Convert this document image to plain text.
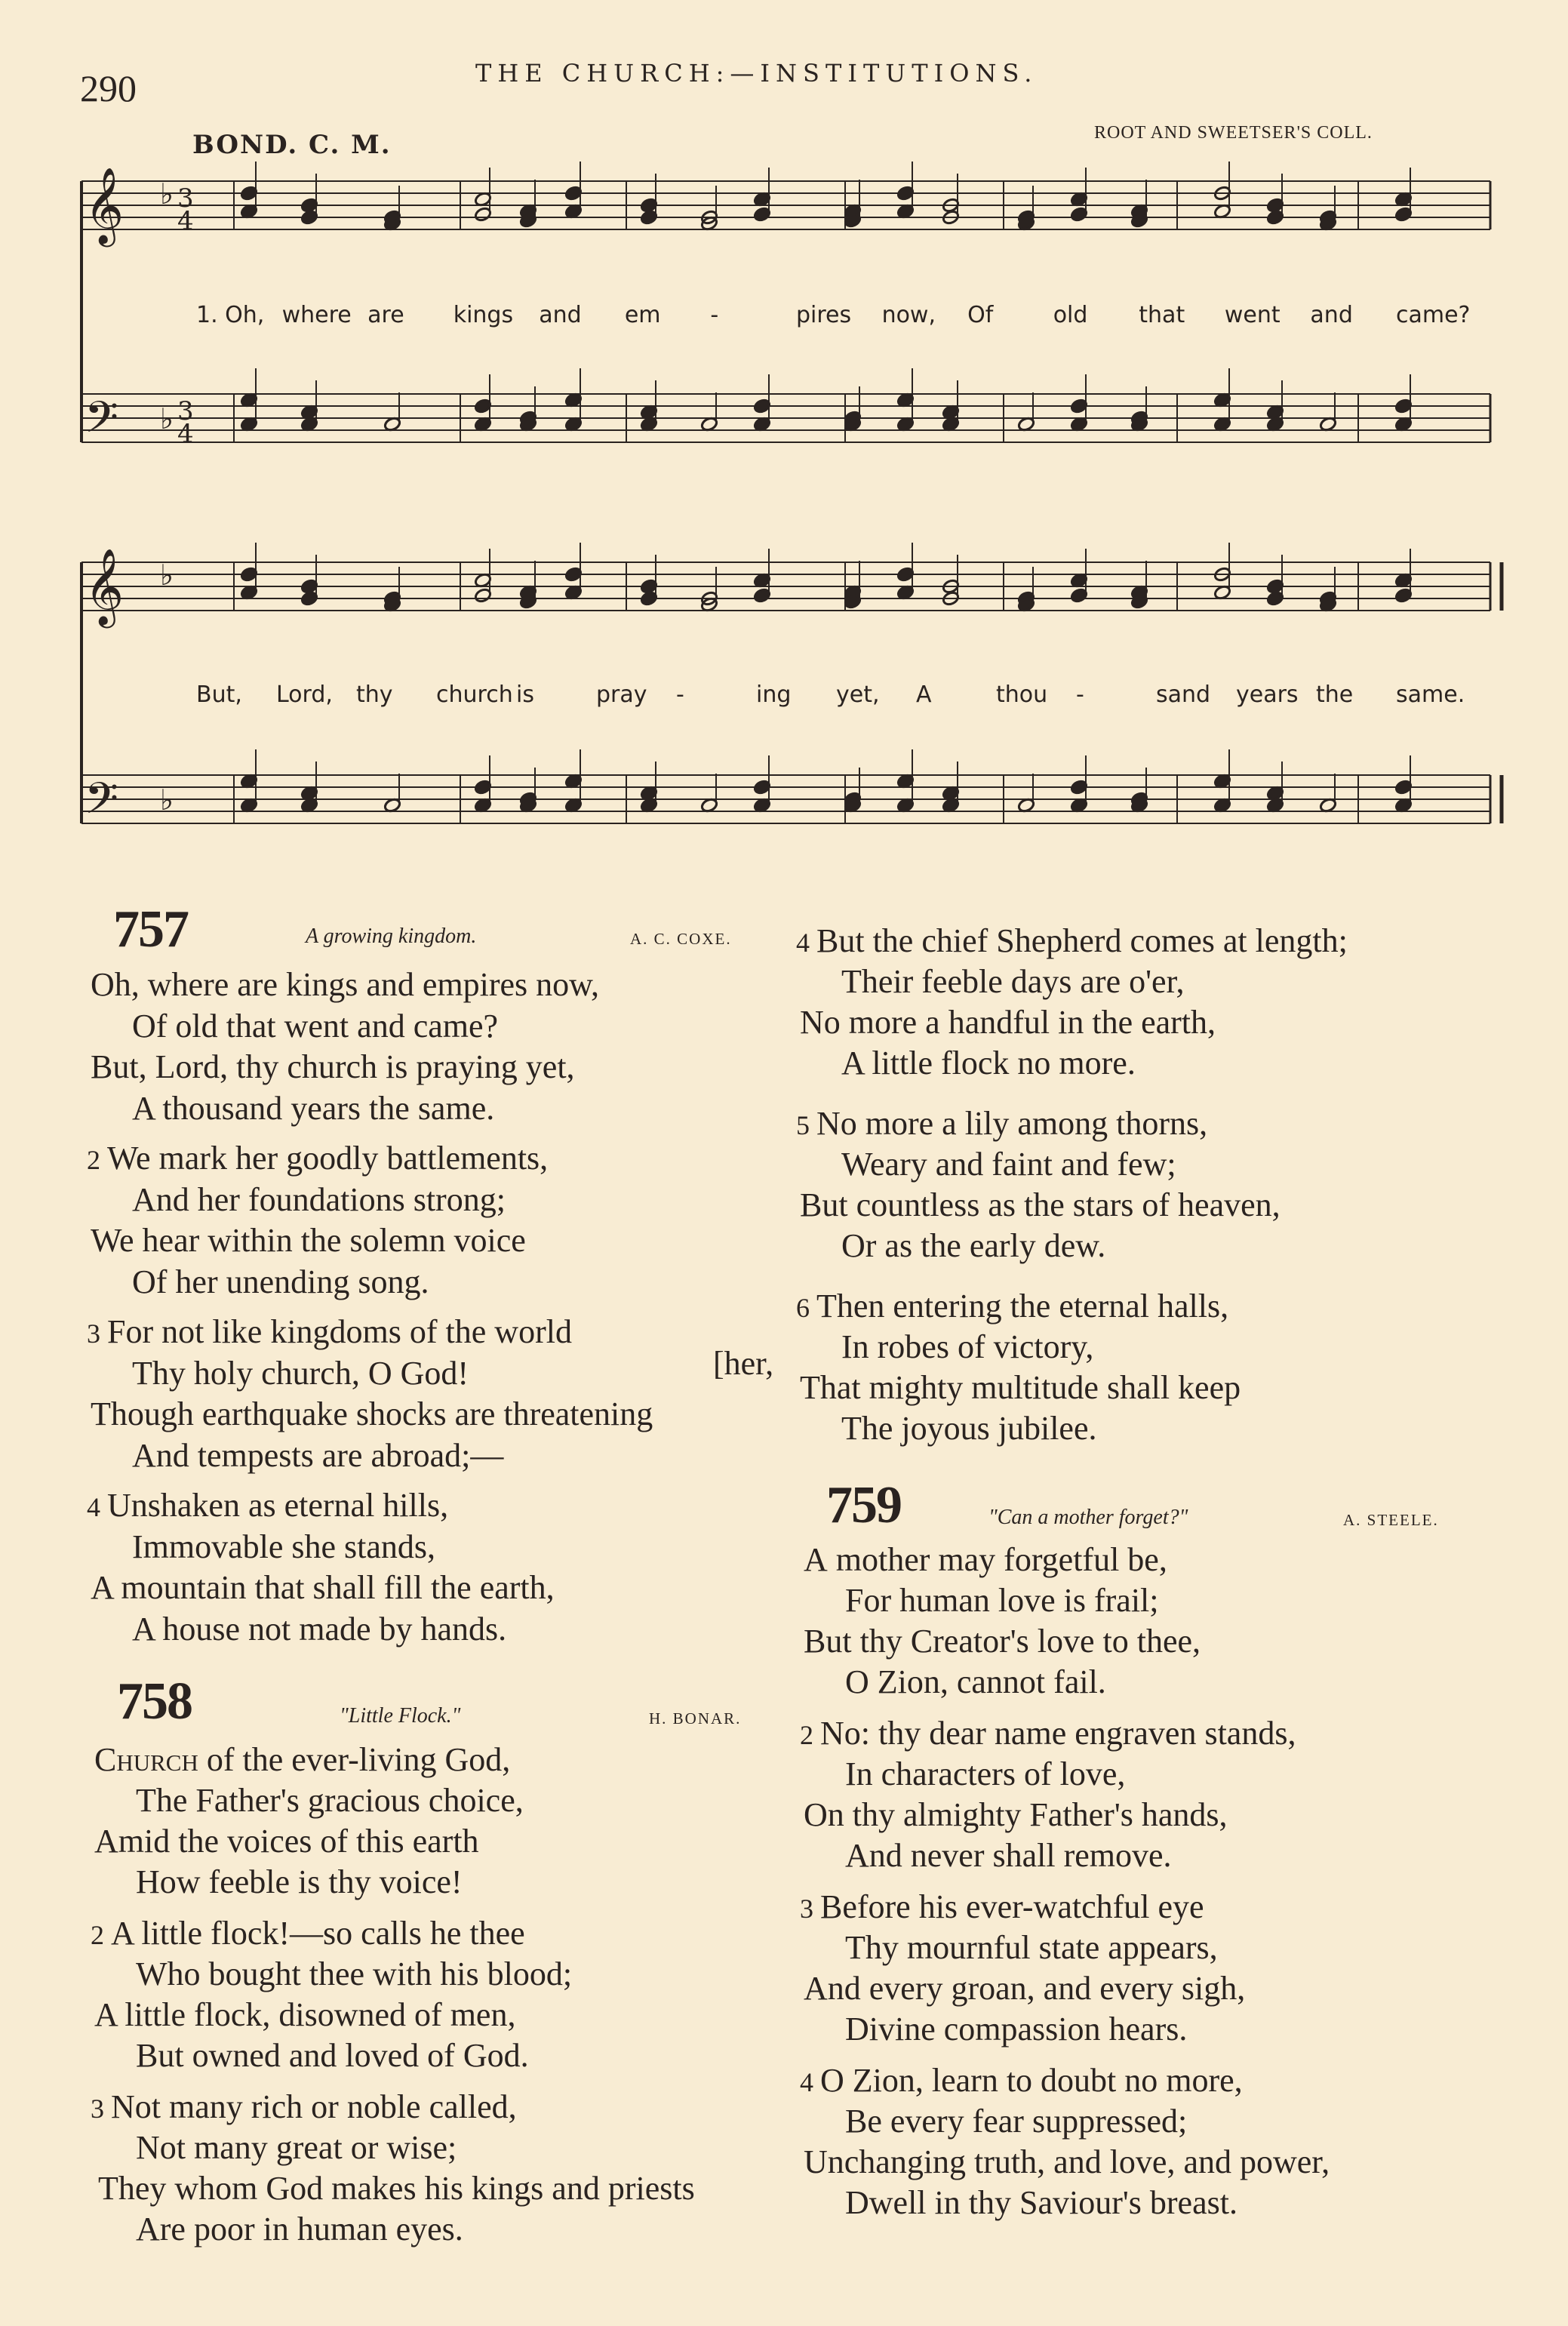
290	THE CHURCH:—INSTITUTIONS.
BOND. C. M.	ROOT AND SWEETSER'S COLL.
𝄞
𝄢
3
4
3
4
♭
♭
𝄞
𝄢
♭
♭
1. Oh, where are kings and em -	pires now, Of	old that went and came?
But, Lord, thy church is	pray -	ing yet, A	thou -	sand years the same.
757	A growing kingdom.	A. C. COXE.
Oh, where are kings and empires now,
Of old that went and came?
But, Lord, thy church is praying yet,
A thousand years the same.
2 We mark her goodly battlements,
And her foundations strong;
We hear within the solemn voice
Of her unending song.
3 For not like kingdoms of the world
Thy holy church, O God!	[her,
Though earthquake shocks are threatening
And tempests are abroad;—
4 Unshaken as eternal hills,
Immovable she stands,
A mountain that shall fill the earth,
A house not made by hands.
758	"Little Flock."	H. BONAR.
Church of the ever-living God,
The Father's gracious choice,
Amid the voices of this earth
How feeble is thy voice!
2 A little flock!—so calls he thee
Who bought thee with his blood;
A little flock, disowned of men,
But owned and loved of God.
3 Not many rich or noble called,
Not many great or wise;
They whom God makes his kings and priests
Are poor in human eyes.
4 But the chief Shepherd comes at length;
Their feeble days are o'er,
No more a handful in the earth,
A little flock no more.
5 No more a lily among thorns,
Weary and faint and few;
But countless as the stars of heaven,
Or as the early dew.
6 Then entering the eternal halls,
In robes of victory,
That mighty multitude shall keep
The joyous jubilee.
759	"Can a mother forget?"	A. STEELE.
A mother may forgetful be,
For human love is frail;
But thy Creator's love to thee,
O Zion, cannot fail.
2 No: thy dear name engraven stands,
In characters of love,
On thy almighty Father's hands,
And never shall remove.
3 Before his ever-watchful eye
Thy mournful state appears,
And every groan, and every sigh,
Divine compassion hears.
4 O Zion, learn to doubt no more,
Be every fear suppressed;
Unchanging truth, and love, and power,
Dwell in thy Saviour's breast.
